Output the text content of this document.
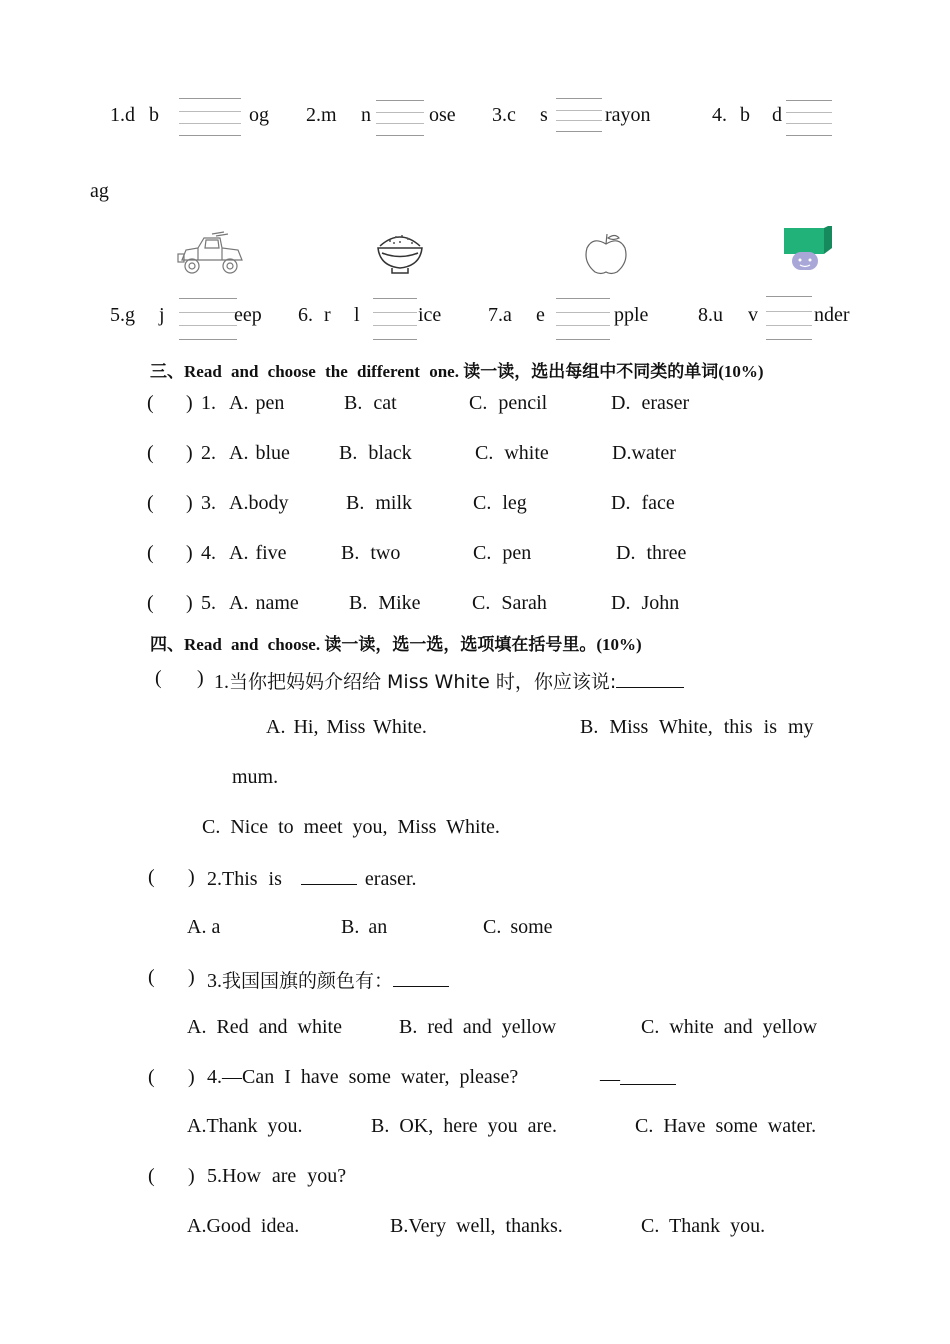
1.d b	og 2.m n	ose 3.c s	rayon	4. b d
ag
5.g j	eep 6. r l	ice 7.a e	pple 8.u v	nder
三、Read and choose the different one. 读一读，选出每组中不同类的单词(10%)
( ) 1. A. pen	B. cat	C. pencil	D. eraser
( ) 2. A. blue B. black	C. white	D.water
( ) 3. A.body	B. milk	C. leg	D. face
( ) 4. A. five	B. two	C. pen	D. three
( ) 5. A. name	B. Mike	C. Sarah	D. John
四、Read and choose. 读一读，选一选，选项填在括号里。(10%)
( ) 1.当你把妈妈介绍给 Miss White 时，你应该说:
A. Hi, Miss White.	B. Miss White, this is my
mum.
C. Nice to meet you, Miss White.
( ) 2.This is	eraser.
A. a	B. an	C. some
( ) 3.我国国旗的颜色有：
A. Red and white	B. red and yellow	C. white and yellow
( ) 4.—Can I have some water, please?	—
A.Thank you.	B. OK, here you are.	C. Have some water.
( ) 5.How are you?
A.Good idea.	B.Very well, thanks.	C. Thank you.
